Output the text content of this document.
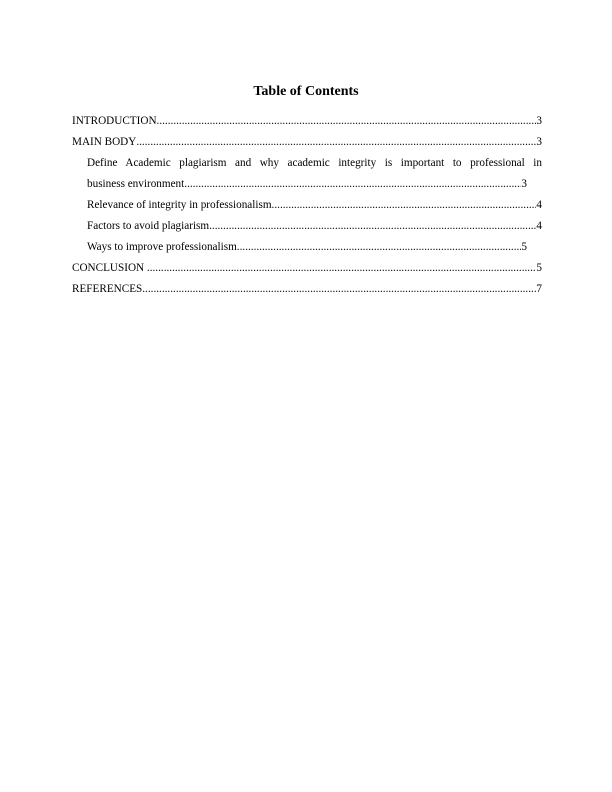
Table of Contents
INTRODUCTION .....	3
MAIN BODY .....	3
Define Academic plagiarism and why academic integrity is important to professional in
business environment .....	3
Relevance of integrity in professionalism .....	4
Factors to avoid plagiarism .....	4
Ways to improve professionalism .....	5
CONCLUSION .....	5
REFERENCES .....	7
